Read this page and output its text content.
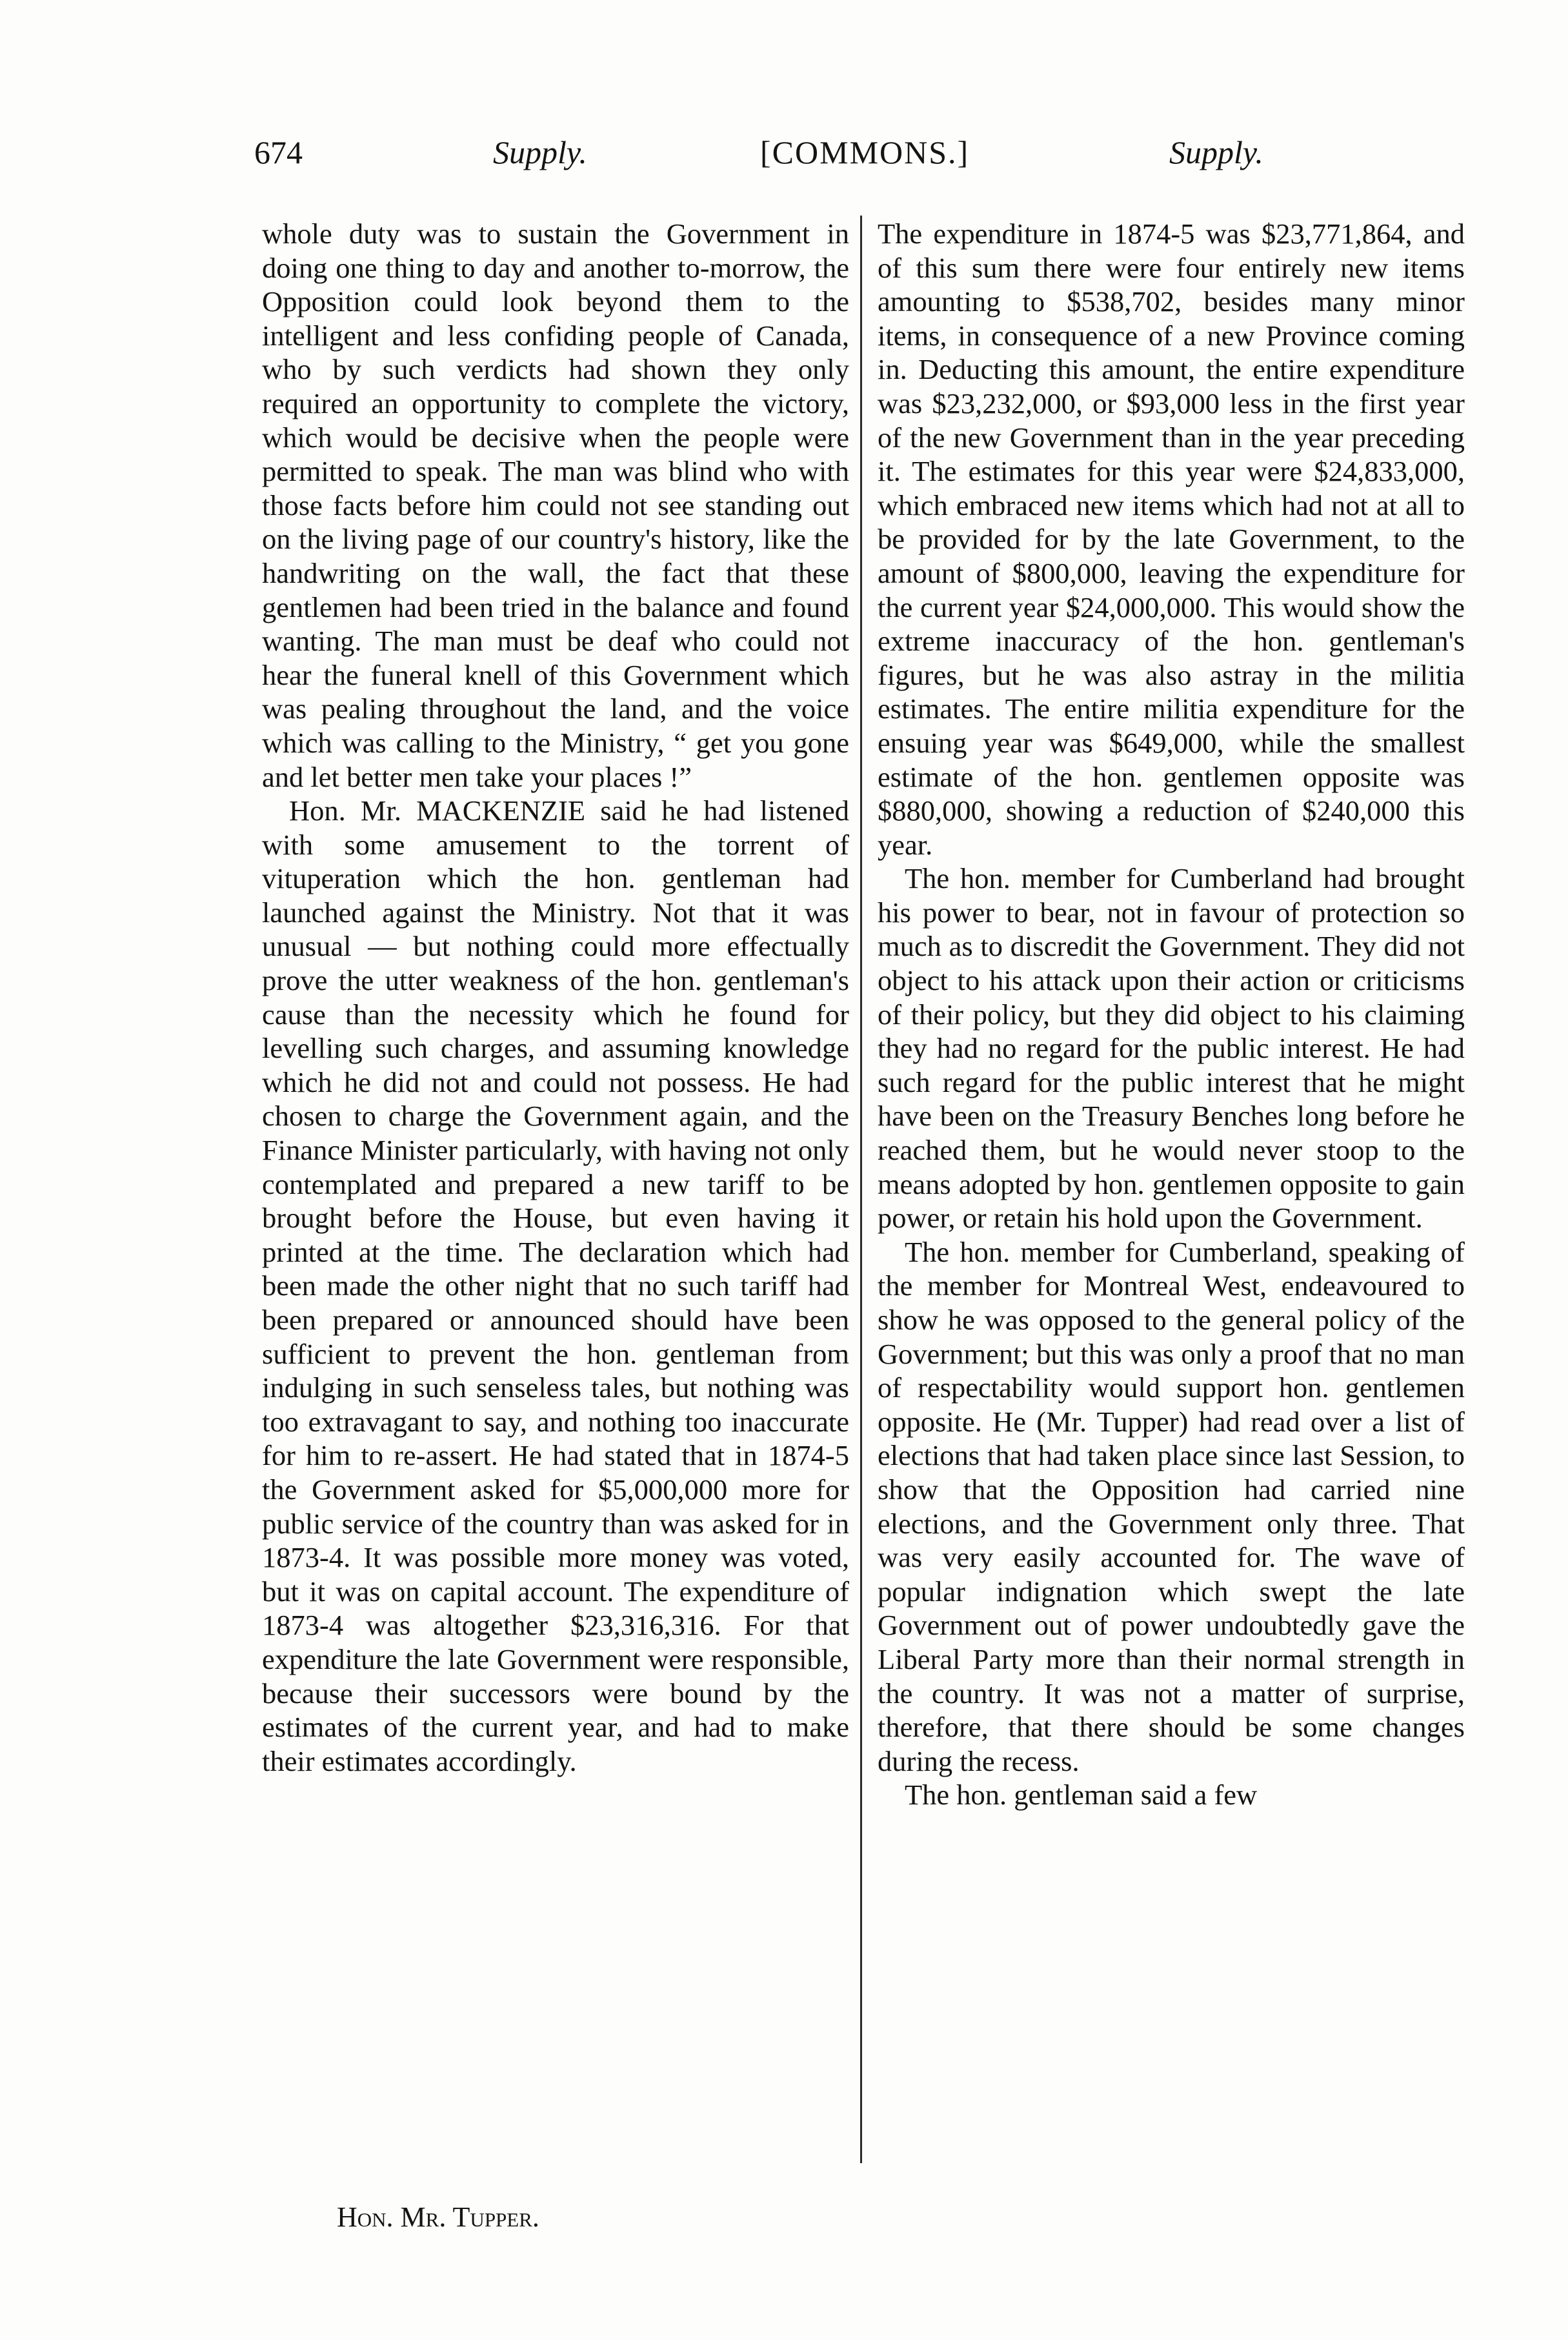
674	Supply.	[COMMONS.]	Supply.

whole duty was to sustain the Government in doing one thing to day and another to-morrow, the Opposition could look beyond them to the intelligent and less confiding people of Canada, who by such verdicts had shown they only required an opportunity to complete the victory, which would be decisive when the people were permitted to speak. The man was blind who with those facts before him could not see standing out on the living page of our country's history, like the handwriting on the wall, the fact that these gentlemen had been tried in the balance and found wanting. The man must be deaf who could not hear the funeral knell of this Government which was pealing throughout the land, and the voice which was calling to the Ministry, “ get you gone and let better men take your places !”

Hon. Mr. MACKENZIE said he had listened with some amusement to the torrent of vituperation which the hon. gentleman had launched against the Ministry. Not that it was unusual — but nothing could more effectually prove the utter weakness of the hon. gentleman's cause than the necessity which he found for levelling such charges, and assuming knowledge which he did not and could not possess. He had chosen to charge the Government again, and the Finance Minister particularly, with having not only contemplated and prepared a new tariff to be brought before the House, but even having it printed at the time. The declaration which had been made the other night that no such tariff had been prepared or announced should have been sufficient to prevent the hon. gentleman from indulging in such senseless tales, but nothing was too extravagant to say, and nothing too inaccurate for him to re-assert. He had stated that in 1874-5 the Government asked for $5,000,000 more for public service of the country than was asked for in 1873-4. It was possible more money was voted, but it was on capital account. The expenditure of 1873-4 was altogether $23,316,316. For that expenditure the late Government were responsible, because their successors were bound by the estimates of the current year, and had to make their estimates accordingly.

The expenditure in 1874-5 was $23,771,864, and of this sum there were four entirely new items amounting to $538,702, besides many minor items, in consequence of a new Province coming in. Deducting this amount, the entire expenditure was $23,232,000, or $93,000 less in the first year of the new Government than in the year preceding it. The estimates for this year were $24,833,000, which embraced new items which had not at all to be provided for by the late Government, to the amount of $800,000, leaving the expenditure for the current year $24,000,000. This would show the extreme inaccuracy of the hon. gentleman's figures, but he was also astray in the militia estimates. The entire militia expenditure for the ensuing year was $649,000, while the smallest estimate of the hon. gentlemen opposite was $880,000, showing a reduction of $240,000 this year.

The hon. member for Cumberland had brought his power to bear, not in favour of protection so much as to discredit the Government. They did not object to his attack upon their action or criticisms of their policy, but they did object to his claiming they had no regard for the public interest. He had such regard for the public interest that he might have been on the Treasury Benches long before he reached them, but he would never stoop to the means adopted by hon. gentlemen opposite to gain power, or retain his hold upon the Government.

The hon. member for Cumberland, speaking of the member for Montreal West, endeavoured to show he was opposed to the general policy of the Government; but this was only a proof that no man of respectability would support hon. gentlemen opposite. He (Mr. Tupper) had read over a list of elections that had taken place since last Session, to show that the Opposition had carried nine elections, and the Government only three. That was very easily accounted for. The wave of popular indignation which swept the late Government out of power undoubtedly gave the Liberal Party more than their normal strength in the country. It was not a matter of surprise, therefore, that there should be some changes during the recess.

The hon. gentleman said a few

Hon. Mr. Tupper.
